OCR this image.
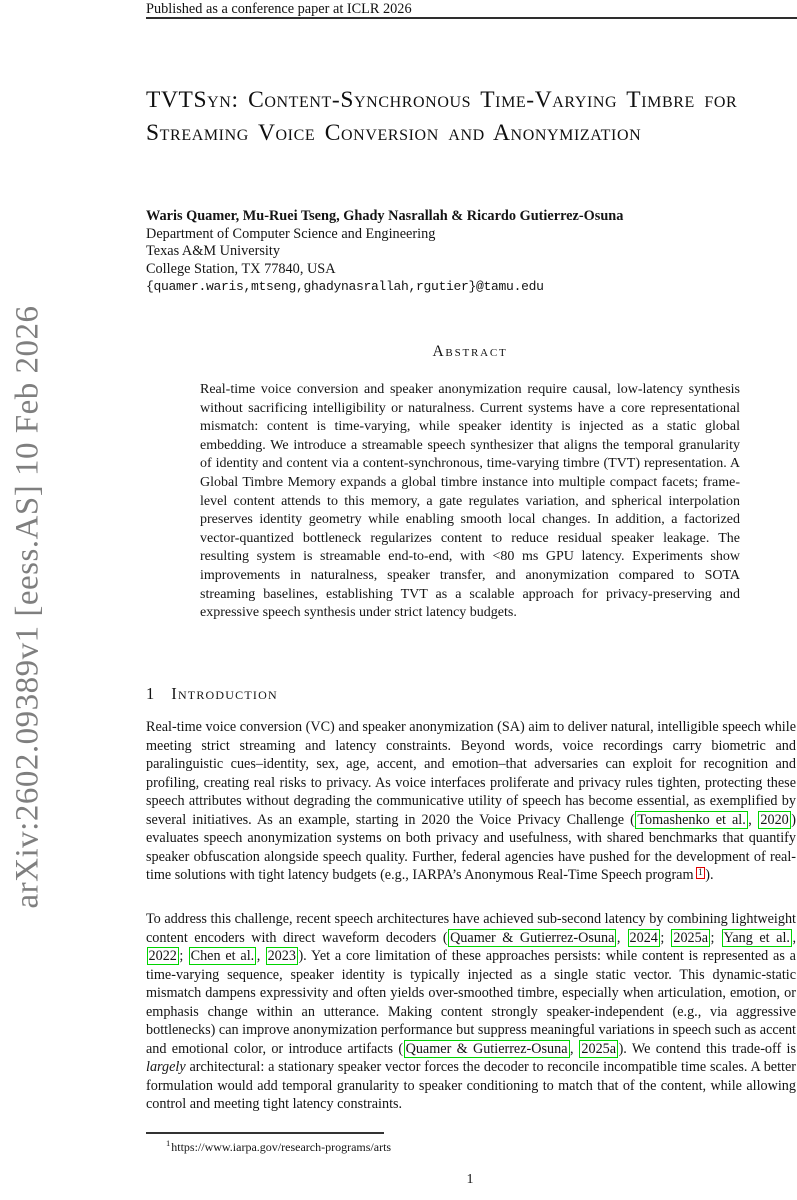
arXiv:2602.09389v1 [eess.AS] 10 Feb 2026
Published as a conference paper at ICLR 2026
TVTSyn: Content-Synchronous Time-Varying Timbre for Streaming Voice Conversion and Anonymization
Waris Quamer, Mu-Ruei Tseng, Ghady Nasrallah & Ricardo Gutierrez-Osuna
Department of Computer Science and Engineering
Texas A&M University
College Station, TX 77840, USA
{quamer.waris,mtseng,ghadynasrallah,rgutier}@tamu.edu
Abstract

Real-time voice conversion and speaker anonymization require causal, low-latency synthesis without sacrificing intelligibility or naturalness. Current systems have a core representational mismatch: content is time-varying, while speaker identity is injected as a static global embedding. We introduce a streamable speech synthesizer that aligns the temporal granularity of identity and content via a content-synchronous, time-varying timbre (TVT) representation. A Global Timbre Memory expands a global timbre instance into multiple compact facets; frame-level content attends to this memory, a gate regulates variation, and spherical interpolation preserves identity geometry while enabling smooth local changes. In addition, a factorized vector-quantized bottleneck regularizes content to reduce residual speaker leakage. The resulting system is streamable end-to-end, with <80 ms GPU latency. Experiments show improvements in naturalness, speaker transfer, and anonymization compared to SOTA streaming baselines, establishing TVT as a scalable approach for privacy-preserving and expressive speech synthesis under strict latency budgets.

1 Introduction

Real-time voice conversion (VC) and speaker anonymization (SA) aim to deliver natural, intelligible speech while meeting strict streaming and latency constraints. Beyond words, voice recordings carry biometric and paralinguistic cues–identity, sex, age, accent, and emotion–that adversaries can exploit for recognition and profiling, creating real risks to privacy. As voice interfaces proliferate and privacy rules tighten, protecting these speech attributes without degrading the communicative utility of speech has become essential, as exemplified by several initiatives. As an example, starting in 2020 the Voice Privacy Challenge ( Tomashenko et al. , 2020 ) evaluates speech anonymization systems on both privacy and usefulness, with shared benchmarks that quantify speaker obfuscation alongside speech quality. Further, federal agencies have pushed for the development of real-time solutions with tight latency budgets (e.g., IARPA’s Anonymous Real-Time Speech program $^1$ ).

To address this challenge, recent speech architectures have achieved sub-second latency by combining lightweight content encoders with direct waveform decoders ( Quamer & Gutierrez-Osuna , 2024 ; 2025a ; Yang et al. , 2022 ; Chen et al. , 2023 ). Yet a core limitation of these approaches persists: while content is represented as a time-varying sequence, speaker identity is typically injected as a single static vector. This dynamic-static mismatch dampens expressivity and often yields over-smoothed timbre, especially when articulation, emotion, or emphasis change within an utterance. Making content strongly speaker-independent (e.g., via aggressive bottlenecks) can improve anonymization performance but suppress meaningful variations in speech such as accent and emotional color, or introduce artifacts ( Quamer & Gutierrez-Osuna , 2025a ). We contend this trade-off is largely architectural: a stationary speaker vector forces the decoder to reconcile incompatible time scales. A better formulation would add temporal granularity to speaker conditioning to match that of the content, while allowing control and meeting tight latency constraints.

$^1$https://www.iarpa.gov/research-programs/arts
1
